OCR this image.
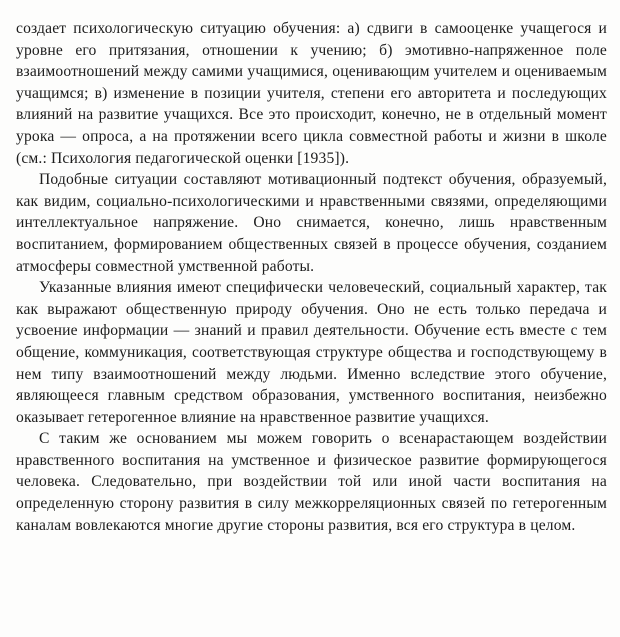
создает психологическую ситуацию обучения: а) сдвиги в самооценке учащегося и уровне его притязания, отношении к учению; б) эмотивно-напряженное поле взаимоотношений между самими учащимися, оценивающим учителем и оцениваемым учащимся; в) изменение в позиции учителя, степени его авторитета и последующих влияний на развитие учащихся. Все это происходит, конечно, не в отдельный момент урока — опроса, а на протяжении всего цикла совместной работы и жизни в школе (см.: Психология педагогической оценки [1935]).

Подобные ситуации составляют мотивационный подтекст обучения, образуемый, как видим, социально-психологическими и нравственными связями, определяющими интеллектуальное напряжение. Оно снимается, конечно, лишь нравственным воспитанием, формированием общественных связей в процессе обучения, созданием атмосферы совместной умственной работы.

Указанные влияния имеют специфически человеческий, социальный характер, так как выражают общественную природу обучения. Оно не есть только передача и усвоение информации — знаний и правил деятельности. Обучение есть вместе с тем общение, коммуникация, соответствующая структуре общества и господствующему в нем типу взаимоотношений между людьми. Именно вследствие этого обучение, являющееся главным средством образования, умственного воспитания, неизбежно оказывает гетерогенное влияние на нравственное развитие учащихся.

С таким же основанием мы можем говорить о всенарастающем воздействии нравственного воспитания на умственное и физическое развитие формирующегося человека. Следовательно, при воздействии той или иной части воспитания на определенную сторону развития в силу межкорреляционных связей по гетерогенным каналам вовлекаются многие другие стороны развития, вся его структура в целом.
